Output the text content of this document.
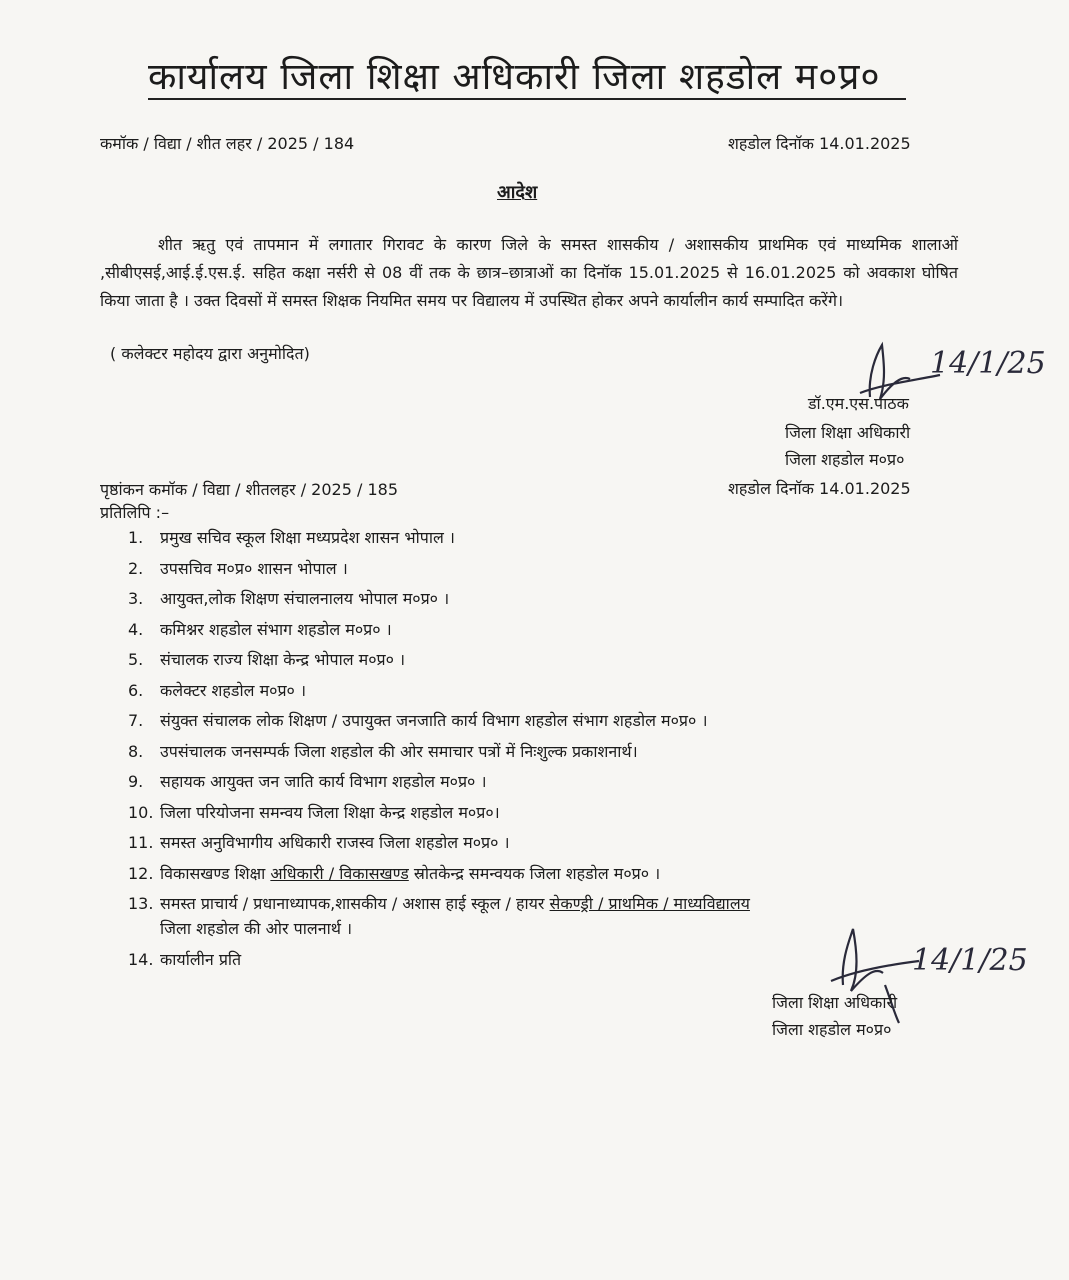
कार्यालय जिला शिक्षा अधिकारी जिला शहडोल म०प्र०
कमॉक / विद्या / शीत लहर / 2025 / 184	शहडोल दिनॉक 14.01.2025
आदेश
शीत ऋतु एवं तापमान में लगातार गिरावट के कारण जिले के समस्त शासकीय / अशासकीय प्राथमिक एवं माध्यमिक शालाओं ,सीबीएसई,आई.ई.एस.ई. सहित कक्षा नर्सरी से 08 वीं तक के छात्र–छात्राओं का दिनॉक 15.01.2025 से 16.01.2025 को अवकाश घोषित किया जाता है । उक्त दिवसों में समस्त शिक्षक नियमित समय पर विद्यालय में उपस्थित होकर अपने कार्यालीन कार्य सम्पादित करेंगे।
( कलेक्टर महोदय द्वारा अनुमोदित)	14/1/25
डॉ.एम.एस.पाठक
जिला शिक्षा अधिकारी
जिला शहडोल म०प्र०
पृष्ठांकन कमॉक / विद्या / शीतलहर / 2025 / 185	शहडोल दिनॉक 14.01.2025
प्रतिलिपि :–
1. प्रमुख सचिव स्कूल शिक्षा मध्यप्रदेश शासन भोपाल ।
2. उपसचिव म०प्र० शासन भोपाल ।
3. आयुक्त,लोक शिक्षण संचालनालय भोपाल म०प्र० ।
4. कमिश्नर शहडोल संभाग शहडोल म०प्र० ।
5. संचालक राज्य शिक्षा केन्द्र भोपाल म०प्र० ।
6. कलेक्टर शहडोल म०प्र० ।
7. संयुक्त संचालक लोक शिक्षण / उपायुक्त जनजाति कार्य विभाग शहडोल संभाग शहडोल म०प्र० ।
8. उपसंचालक जनसम्पर्क जिला शहडोल की ओर समाचार पत्रों में निःशुल्क प्रकाशनार्थ।
9. सहायक आयुक्त जन जाति कार्य विभाग शहडोल म०प्र० ।
10. जिला परियोजना समन्वय जिला शिक्षा केन्द्र शहडोल म०प्र०।
11. समस्त अनुविभागीय अधिकारी राजस्व जिला शहडोल म०प्र० ।
12. विकासखण्ड शिक्षा अधिकारी / विकासखण्ड स्रोतकेन्द्र समन्वयक जिला शहडोल म०प्र० ।
13. समस्त प्राचार्य / प्रधानाध्यापक,शासकीय / अशास हाई स्कूल / हायर सेकण्ड्री / प्राथमिक / माध्यविद्यालय
जिला शहडोल की ओर पालनार्थ ।
14. कार्यालीन प्रति	14/1/25
जिला शिक्षा अधिकारी
जिला शहडोल म०प्र०
